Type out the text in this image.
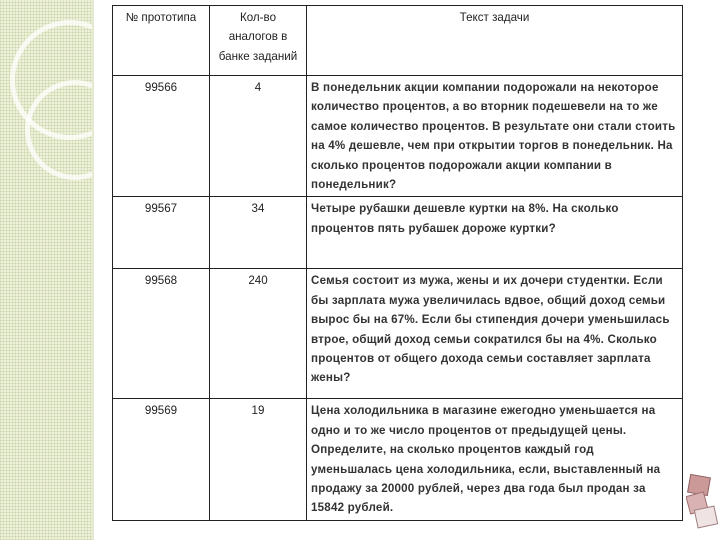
№ прототипа	Кол-во аналогов в банке заданий	Текст задачи
99566	4	В понедельник акции компании подорожали на некоторое количество процентов, а во вторник подешевели на то же самое количество процентов. В результате они стали стоить на 4% дешевле, чем при открытии торгов в понедельник. На сколько процентов подорожали акции компании в понедельник?
99567	34	Четыре рубашки дешевле куртки на 8%. На сколько процентов пять рубашек дороже куртки?
99568	240	Семья состоит из мужа, жены и их дочери студентки. Если бы зарплата мужа увеличилась вдвое, общий доход семьи вырос бы на 67%. Если бы стипендия дочери уменьшилась втрое, общий доход семьи сократился бы на 4%. Сколько процентов от общего дохода семьи составляет зарплата жены?
99569	19	Цена холодильника в магазине ежегодно уменьшается на одно и то же число процентов от предыдущей цены. Определите, на сколько процентов каждый год уменьшалась цена холодильника, если, выставленный на продажу за 20000 рублей, через два года был продан за 15842 рублей.
